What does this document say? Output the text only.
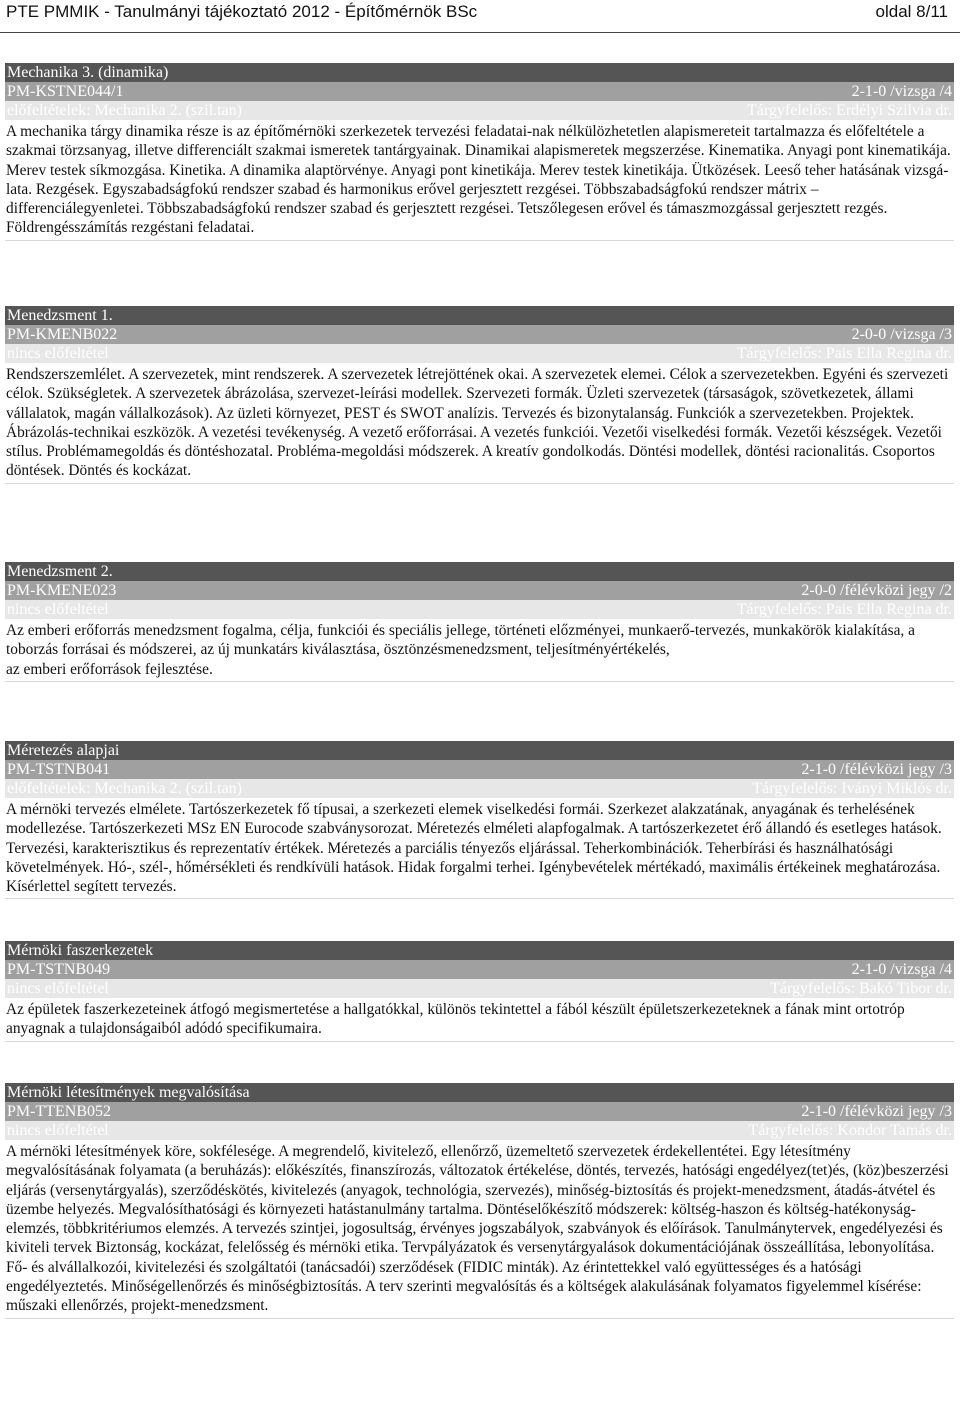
PTE PMMIK - Tanulmányi tájékoztató 2012 - Építőmérnök BSc	oldal 8/11
Mechanika 3. (dinamika)
PM-KSTNE044/1	2-1-0 /vizsga /4
előfeltételek: Mechanika 2. (szil.tan)	Tárgyfelelős: Erdélyi Szilvia dr.

A mechanika tárgy dinamika része is az építőmérnöki szerkezetek tervezési feladatai-nak nélkülözhetetlen alapismereteit tartalmazza és előfeltétele a szakmai törzsanyag, illetve differenciált szakmai ismeretek tantárgyainak. Dinamikai alapismeretek megszerzése. Kinematika. Anyagi pont kinematikája. Merev testek síkmozgása. Kinetika. A dinamika alaptörvénye. Anyagi pont kinetikája. Merev testek kinetikája. Ütközések. Leeső teher hatásának vizsgá-lata. Rezgések. Egyszabadságfokú rendszer szabad és harmonikus erővel gerjesztett rezgései. Többszabadságfokú rendszer mátrix – differenciálegyenletei. Többszabadságfokú rendszer szabad és gerjesztett rezgései. Tetszőlegesen erővel és támaszmozgással gerjesztett rezgés. Földrengésszámítás rezgéstani feladatai.

Menedzsment 1.
PM-KMENB022	2-0-0 /vizsga /3
nincs előfeltétel	Tárgyfelelős: Pais Ella Regina dr.

Rendszerszemlélet. A szervezetek, mint rendszerek. A szervezetek létrejöttének okai. A szervezetek elemei. Célok a szervezetekben. Egyéni és szervezeti célok. Szükségletek. A szervezetek ábrázolása, szervezet-leírási modellek. Szervezeti formák. Üzleti szervezetek (társaságok, szövetkezetek, állami vállalatok, magán vállalkozások). Az üzleti környezet, PEST és SWOT analízis. Tervezés és bizonytalanság. Funkciók a szervezetekben. Projektek. Ábrázolás-technikai eszközök. A vezetési tevékenység. A vezető erőforrásai. A vezetés funkciói. Vezetői viselkedési formák. Vezetői készségek. Vezetői stílus. Problémamegoldás és döntéshozatal. Probléma-megoldási módszerek. A kreatív gondolkodás. Döntési modellek, döntési racionalitás. Csoportos döntések. Döntés és kockázat.

Menedzsment 2.
PM-KMENE023	2-0-0 /félévközi jegy /2
nincs előfeltétel	Tárgyfelelős: Pais Ella Regina dr.

Az emberi erőforrás menedzsment fogalma, célja, funkciói és speciális jellege, történeti előzményei, munkaerő-tervezés, munkakörök kialakítása, a toborzás forrásai és módszerei, az új munkatárs kiválasztása, ösztönzésmenedzsment, teljesítményértékelés,

az emberi erőforrások fejlesztése.

Méretezés alapjai
PM-TSTNB041	2-1-0 /félévközi jegy /3
előfeltételek: Mechanika 2. (szil.tan)	Tárgyfelelős: Iványi Miklós dr.

A mérnöki tervezés elmélete. Tartószerkezetek fő típusai, a szerkezeti elemek viselkedési formái. Szerkezet alakzatának, anyagának és terhelésének modellezése. Tartószerkezeti MSz EN Eurocode szabványsorozat. Méretezés elméleti alapfogalmak. A tartószerkezetet érő állandó és esetleges hatások. Tervezési, karakterisztikus és reprezentatív értékek. Méretezés a parciális tényezős eljárással. Teherkombinációk. Teherbírási és használhatósági követelmények. Hó-, szél-, hőmérsékleti és rendkívüli hatások. Hidak forgalmi terhei. Igénybevételek mértékadó, maximális értékeinek meghatározása. Kísérlettel segített tervezés.

Mérnöki faszerkezetek
PM-TSTNB049	2-1-0 /vizsga /4
nincs előfeltétel	Tárgyfelelős: Bakó Tibor dr.

Az épületek faszerkezeteinek átfogó megismertetése a hallgatókkal, különös tekintettel a fából készült épületszerkezeteknek a fának mint ortotróp anyagnak a tulajdonságaiból adódó specifikumaira.

Mérnöki létesítmények megvalósítása
PM-TTENB052	2-1-0 /félévközi jegy /3
nincs előfeltétel	Tárgyfelelős: Kondor Tamás dr.

A mérnöki létesítmények köre, sokfélesége. A megrendelő, kivitelező, ellenőrző, üzemeltető szervezetek érdekellentétei. Egy létesítmény megvalósításának folyamata (a beruházás): előkészítés, finanszírozás, változatok értékelése, döntés, tervezés, hatósági engedélyez(tet)és, (köz)beszerzési eljárás (versenytárgyalás), szerződéskötés, kivitelezés (anyagok, technológia, szervezés), minőség-biztosítás és projekt-menedzsment, átadás-átvétel és üzembe helyezés. Megvalósíthatósági és környezeti hatástanulmány tartalma. Döntéselőkészítő módszerek: költség-haszon és költség-hatékonyság-elemzés, többkritériumos elemzés. A tervezés szintjei, jogosultság, érvényes jogszabályok, szabványok és előírások. Tanulmánytervek, engedélyezési és kiviteli tervek Biztonság, kockázat, felelősség és mérnöki etika. Tervpályázatok és versenytárgyalások dokumentációjának összeállítása, lebonyolítása. Fő- és alvállalkozói, kivitelezési és szolgáltatói (tanácsadói) szerződések (FIDIC minták). Az érintettekkel való együttességes és a hatósági engedélyeztetés. Minőségellenőrzés és minőségbiztosítás. A terv szerinti megvalósítás és a költségek alakulásának folyamatos figyelemmel kísérése: műszaki ellenőrzés, projekt-menedzsment.
